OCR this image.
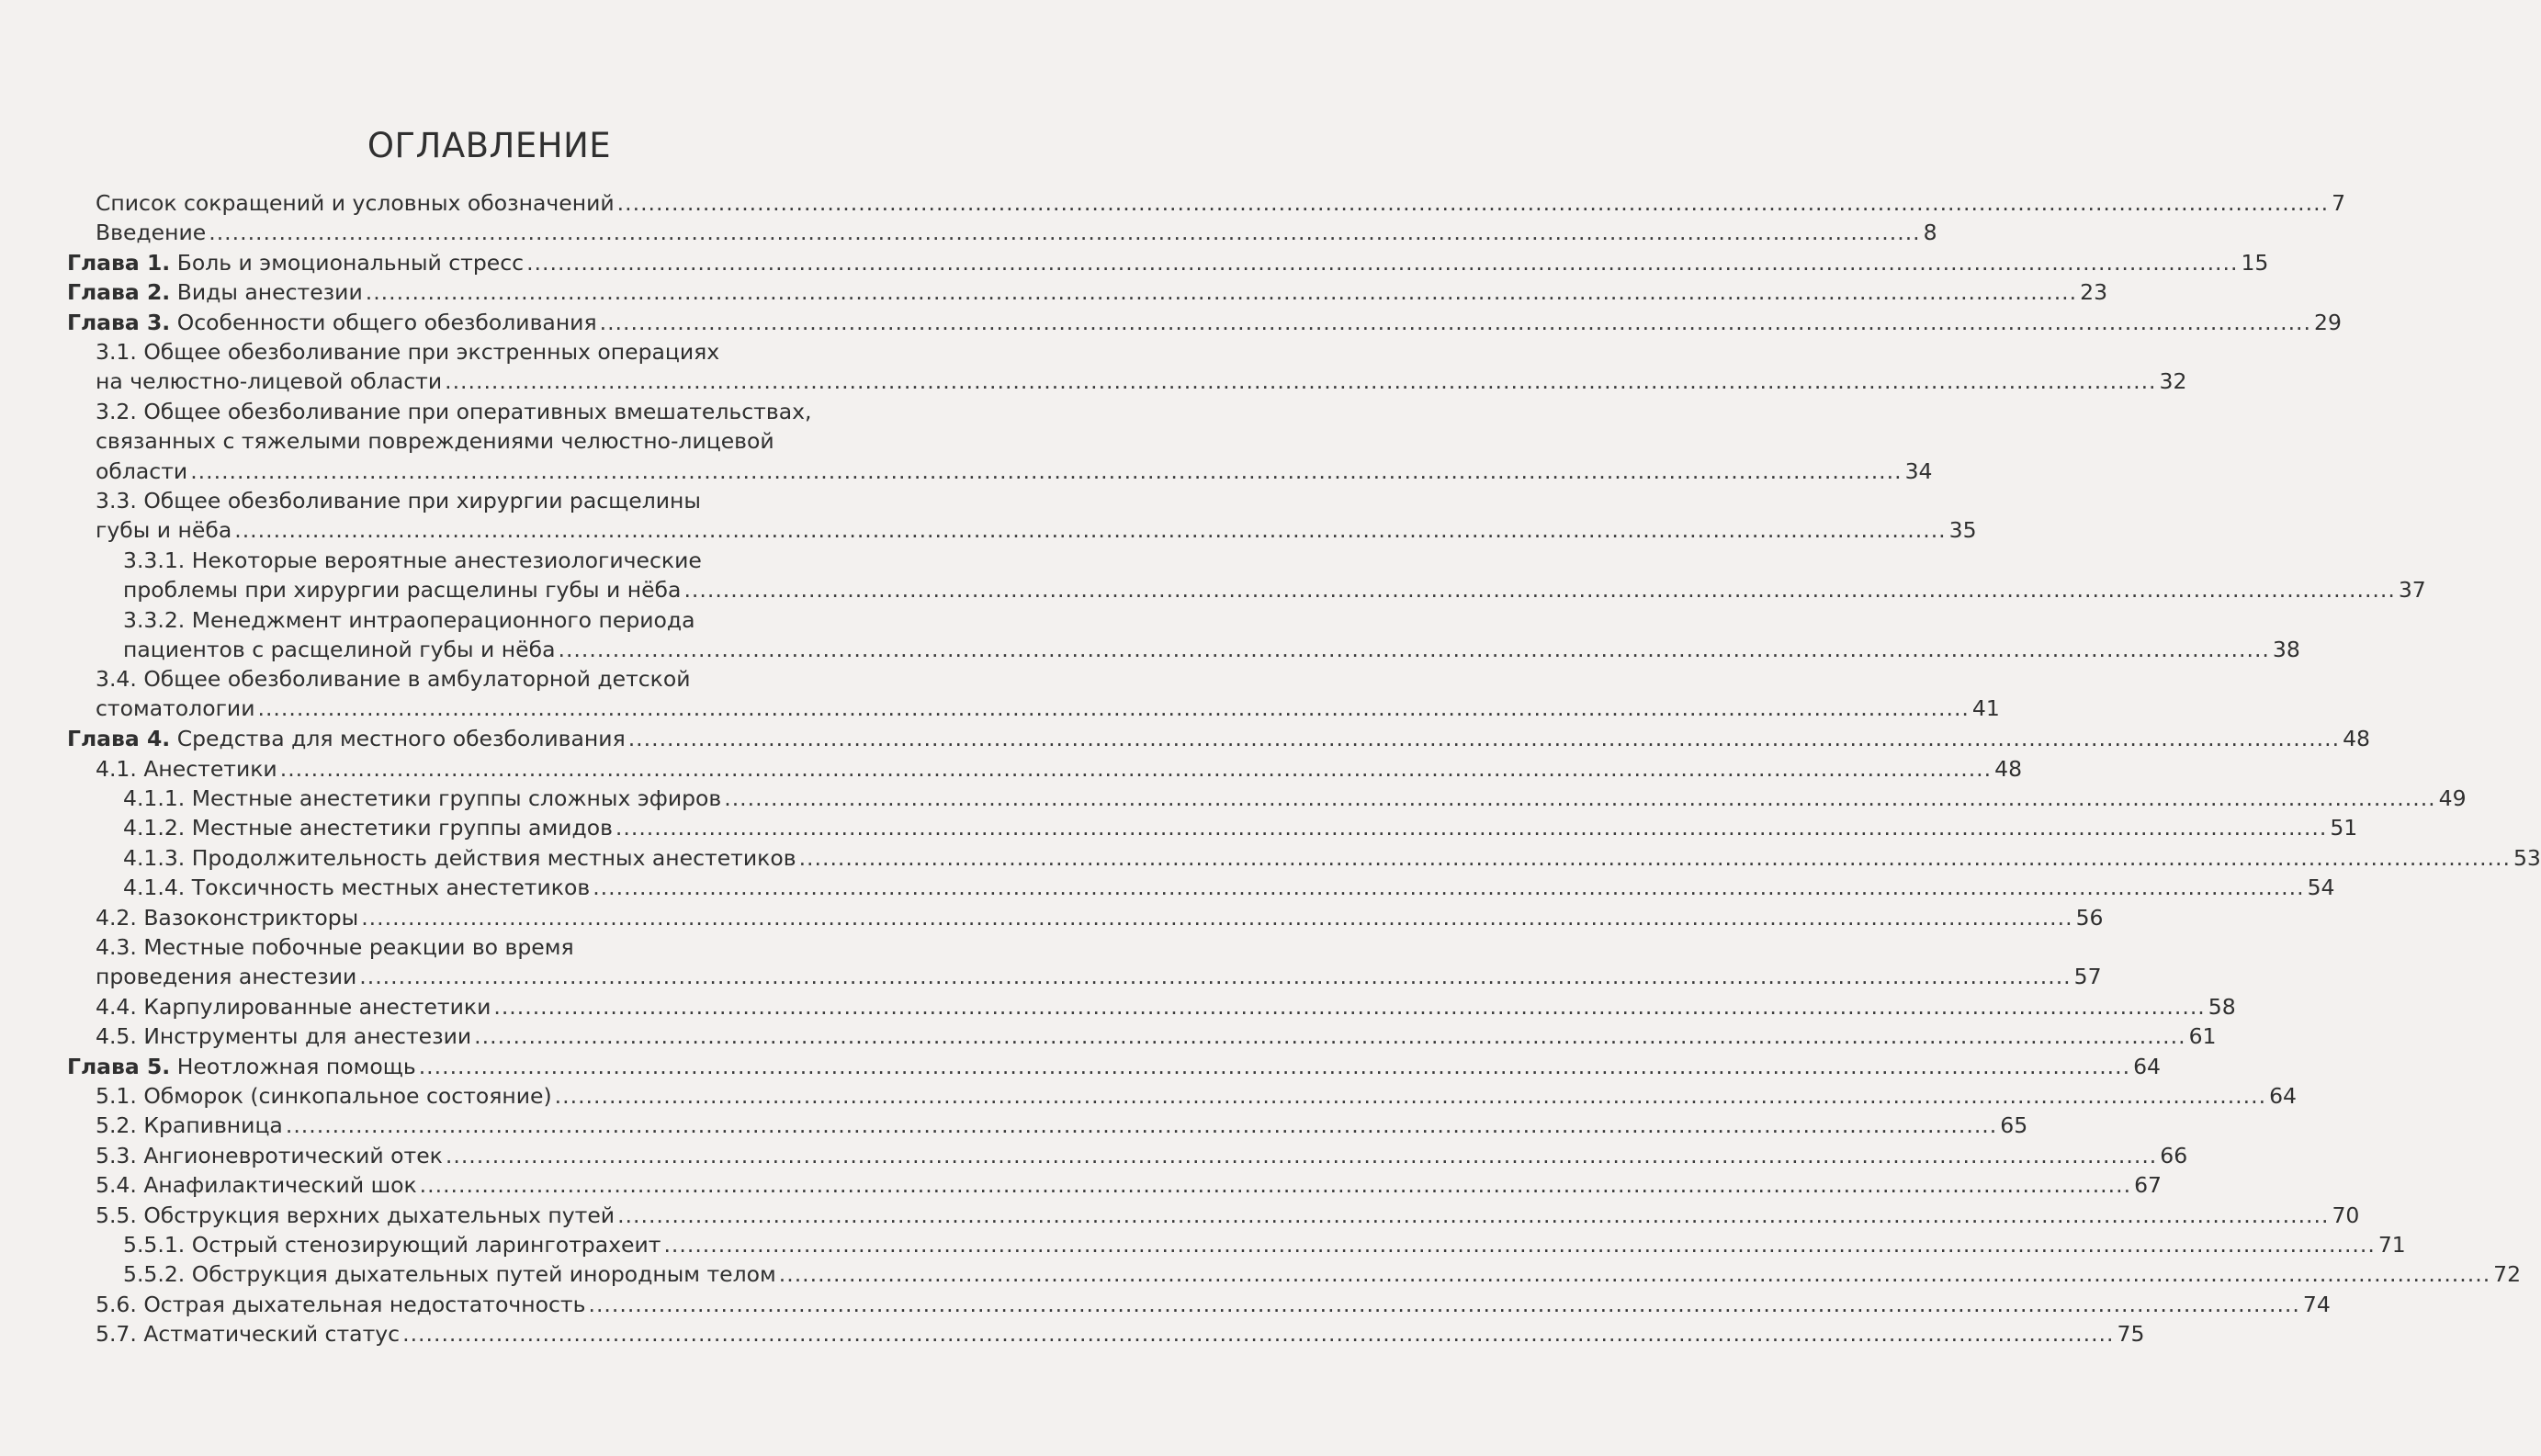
ОГЛАВЛЕНИЕ
Список сокращений и условных обозначений ............................................................................................................................................................................................................................ 7
Введение ............................................................................................................................................................................................................................ 8
Глава 1. Боль и эмоциональный стресс ............................................................................................................................................................................................................................ 15
Глава 2. Виды анестезии ............................................................................................................................................................................................................................ 23
Глава 3. Особенности общего обезболивания ............................................................................................................................................................................................................................ 29
3.1. Общее обезболивание при экстренных операциях
на челюстно-лицевой области ............................................................................................................................................................................................................................ 32
3.2. Общее обезболивание при оперативных вмешательствах,
связанных с тяжелыми повреждениями челюстно-лицевой
области ............................................................................................................................................................................................................................ 34
3.3. Общее обезболивание при хирургии расщелины
губы и нёба ............................................................................................................................................................................................................................ 35
3.3.1. Некоторые вероятные анестезиологические
проблемы при хирургии расщелины губы и нёба ............................................................................................................................................................................................................................ 37
3.3.2. Менеджмент интраоперационного периода
пациентов с расщелиной губы и нёба ............................................................................................................................................................................................................................ 38
3.4. Общее обезболивание в амбулаторной детской
стоматологии ............................................................................................................................................................................................................................ 41
Глава 4. Средства для местного обезболивания ............................................................................................................................................................................................................................ 48
4.1. Анестетики ............................................................................................................................................................................................................................ 48
4.1.1. Местные анестетики группы сложных эфиров ............................................................................................................................................................................................................................ 49
4.1.2. Местные анестетики группы амидов ............................................................................................................................................................................................................................ 51
4.1.3. Продолжительность действия местных анестетиков ............................................................................................................................................................................................................................ 53
4.1.4. Токсичность местных анестетиков ............................................................................................................................................................................................................................ 54
4.2. Вазоконстрикторы ............................................................................................................................................................................................................................ 56
4.3. Местные побочные реакции во время
проведения анестезии ............................................................................................................................................................................................................................ 57
4.4. Карпулированные анестетики ............................................................................................................................................................................................................................ 58
4.5. Инструменты для анестезии ............................................................................................................................................................................................................................ 61
Глава 5. Неотложная помощь ............................................................................................................................................................................................................................ 64
5.1. Обморок (синкопальное состояние) ............................................................................................................................................................................................................................ 64
5.2. Крапивница ............................................................................................................................................................................................................................ 65
5.3. Ангионевротический отек ............................................................................................................................................................................................................................ 66
5.4. Анафилактический шок ............................................................................................................................................................................................................................ 67
5.5. Обструкция верхних дыхательных путей ............................................................................................................................................................................................................................ 70
5.5.1. Острый стенозирующий ларинготрахеит ............................................................................................................................................................................................................................ 71
5.5.2. Обструкция дыхательных путей инородным телом ............................................................................................................................................................................................................................ 72
5.6. Острая дыхательная недостаточность ............................................................................................................................................................................................................................ 74
5.7. Астматический статус ............................................................................................................................................................................................................................ 75
